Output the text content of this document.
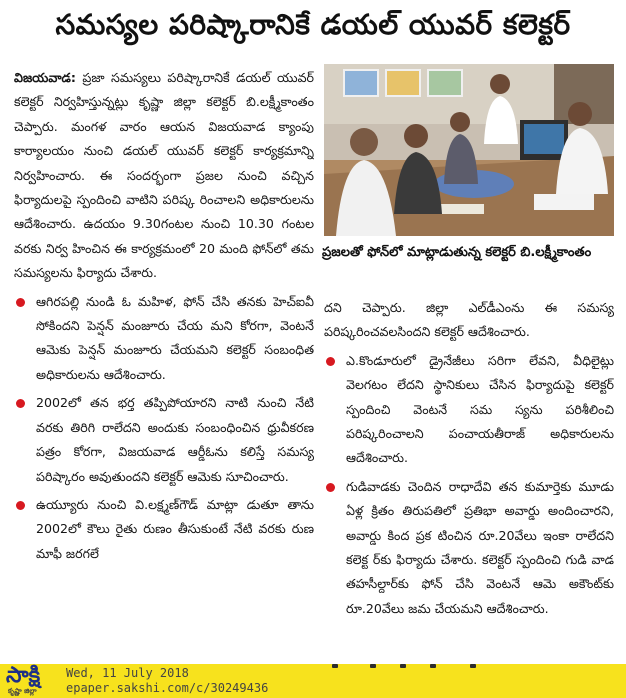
సమస్యల పరిష్కారానికే డయల్ యువర్ కలెక్టర్
ప్రజలతో ఫోన్‌లో మాట్లాడుతున్న కలెక్టర్ బి.లక్ష్మీకాంతం

విజయవాడ: ప్రజా సమస్యలు పరిష్కారానికే డయల్ యువర్ కలెక్టర్ నిర్వహిస్తున్నట్లు కృష్ణా జిల్లా కలెక్టర్ బి.లక్ష్మీకాంతం చెప్పారు. మంగళ వారం ఆయన విజయవాడ క్యాంపు కార్యాలయం నుంచి డయల్ యువర్ కలెక్టర్ కార్యక్రమాన్ని నిర్వహించారు. ఈ సందర్భంగా ప్రజల నుంచి వచ్చిన ఫిర్యాదులపై స్పందించి వాటిని పరిష్క రించాలని అధికారులను ఆదేశించారు. ఉదయం 9.30గంటల నుంచి 10.30 గంటల వరకు నిర్వ హించిన ఈ కార్యక్రమంలో 20 మంది ఫోన్‌లో తమ సమస్యలను ఫిర్యాదు చేశారు.

ఆగిరపల్లి నుండి ఓ మహిళ, ఫోన్ చేసి తనకు హెచ్ఐవీ సోకిందని పెన్షన్ మంజూరు చేయ మని కోరగా, వెంటనే ఆమెకు పెన్షన్ మంజూరు చేయమని కలెక్టర్ సంబంధిత అధికారులను ఆదేశించారు.
2002లో తన భర్త తప్పిపోయారని నాటి నుంచి నేటి వరకు తిరిగి రాలేదని అందుకు సంబంధించిన ధ్రువీకరణ పత్రం కోరగా, విజయవాడ ఆర్డీఓను కలిస్తే సమస్య పరిష్కారం అవుతుందని కలెక్టర్ ఆమెకు సూచించారు.
ఉయ్యూరు నుంచి వి.లక్ష్మణ్‌గౌడ్ మాట్లా డుతూ తాను 2002లో కౌలు రైతు రుణం తీసుకుంటే నేటి వరకు రుణ మాఫీ జరగలే

దని చెప్పారు. జిల్లా ఎల్‌డీఎంను ఈ సమస్య పరిష్కరించవలసిందని కలెక్టర్ ఆదేశించారు.

ఎ.కొండూరులో డ్రైనేజీలు సరిగా లేవని, వీధిలైట్లు వెలగటం లేదని స్థానికులు చేసిన ఫిర్యాదుపై కలెక్టర్ స్పందించి వెంటనే సమ స్యను పరిశీలించి పరిష్కరించాలని పంచాయతీరాజ్ అధికారులను ఆదేశించారు.
గుడివాడకు చెందిన రాధాదేవి తన కుమార్తెకు మూడు ఏళ్ల క్రితం తిరుపతిలో ప్రతిభా అవార్డు అందించారని, అవార్డు కింద ప్రక టించిన రూ.20వేలు ఇంకా రాలేదని కలెక్ట ర్‌కు ఫిర్యాదు చేశారు. కలెక్టర్ స్పందించి గుడి వాడ తహసీల్దార్‌కు ఫోన్ చేసి వెంటనే ఆమె అకౌంట్‌కు రూ.20వేలు జమ చేయమని ఆదేశించారు.
సాక్షి
కృష్ణా జిల్లా
Wed, 11 July 2018
epaper.sakshi.com/c/30249436
